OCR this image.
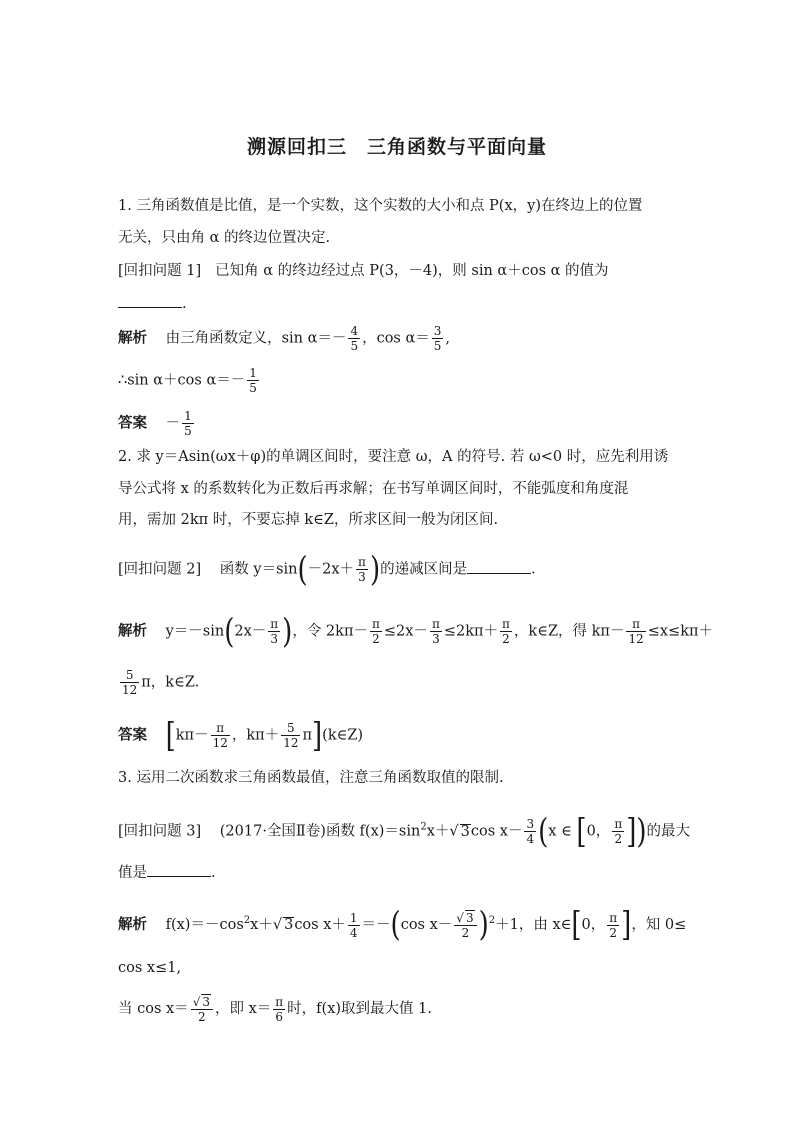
溯源回扣三　三角函数与平面向量
1. 三角函数值是比值，是一个实数，这个实数的大小和点 P(x，y)在终边上的位置
无关，只由角 α 的终边位置决定.
[回扣问题 1] 已知角 α 的终边经过点 P(3，－4)，则 sin α＋cos α 的值为
.
解析 由三角函数定义，$\sin \alpha=- \frac{4}{5}$ ，$\cos \alpha= \frac{3}{5}$ ,
∴sin α＋cos $\alpha=- \frac{1}{5}$
答案 － $\frac{1}{5}$
2. 求 y＝Asin(ωx＋φ)的单调区间时，要注意 ω，A 的符号. 若 ω<0 时，应先利用诱
导公式将 x 的系数转化为正数后再求解；在书写单调区间时，不能弧度和角度混
用，需加 2kπ 时，不要忘掉 k∈Z，所求区间一般为闭区间.
[回扣问题 2] 函数 $y=\sin(-2x+ \frac{\pi}{3}$ )的递减区间是	.
解析 $y=-\sin(2x- \frac{\pi}{3}$ )，令 $2k\pi- \frac{\pi}{2} \le 2x- \frac{\pi}{3} \le 2k\pi+ \frac{\pi}{2}$ ，k∈Z，得 $k\pi- \frac{\pi}{12} \le x\le k\pi+$
$\frac{5}{12}$ π，k∈Z.
答案 [$k\pi- \frac{\pi}{12}$ ，$k\pi+ \frac{5}{12}$ π](k∈Z)
3. 运用二次函数求三角函数最值，注意三角函数取值的限制.
[回扣问题 3] (2017·全国Ⅱ卷)函数 $f(x)=\sin^2x+√$ 3cos $x- \frac{3}{4} (x$ ∈ [0， $\frac{\pi}{2}$ ])的最大
值是	.
解析 $f(x)=-\cos^2x+√$ 3cos $x+ \frac{1}{4} =-(\cos$ $x- \frac{√ 3}{2} )^2+1$，由 x∈[0， $\frac{\pi}{2}$ ]，知 0≤
cos x≤1,
当 $\cos x= \frac{√ 3}{2}$ ，即 $x= \frac{\pi}{6}$ 时，f(x)取到最大值 1.
